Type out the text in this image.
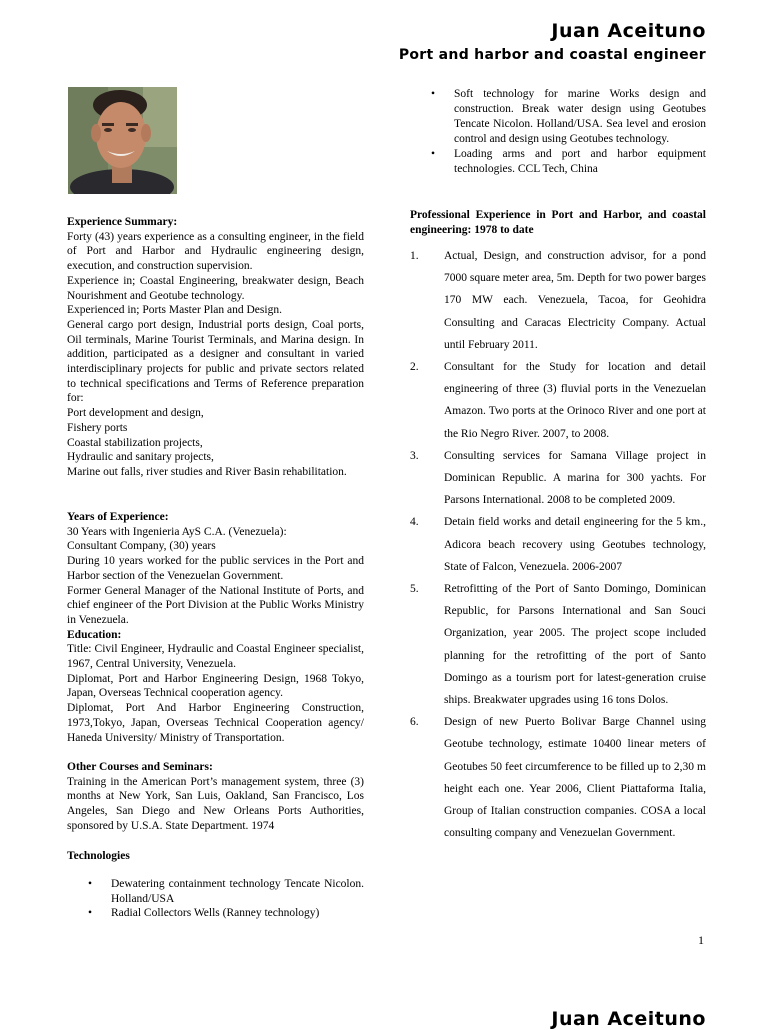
Juan Aceituno
Port and harbor and coastal engineer
Experience Summary:

Forty (43) years experience as a consulting engineer, in the field of Port and Harbor and Hydraulic engineering design, execution, and construction supervision.

Experience in; Coastal Engineering, breakwater design, Beach Nourishment and Geotube technology.

Experienced in; Ports Master Plan and Design.

General cargo port design, Industrial ports design, Coal ports, Oil terminals, Marine Tourist Terminals, and Marina design. In addition, participated as a designer and consultant in varied interdisciplinary projects for public and private sectors related to technical specifications and Terms of Reference preparation for:

Port development and design,

Fishery ports

Coastal stabilization projects,

Hydraulic and sanitary projects,

Marine out falls, river studies and River Basin rehabilitation.

Years of Experience:

30 Years with Ingenieria AyS C.A. (Venezuela):

Consultant Company, (30) years

During 10 years worked for the public services in the Port and Harbor section of the Venezuelan Government.

Former General Manager of the National Institute of Ports, and chief engineer of the Port Division at the Public Works Ministry in Venezuela.

Education:

Title: Civil Engineer, Hydraulic and Coastal Engineer specialist, 1967, Central University, Venezuela.

Diplomat, Port and Harbor Engineering Design, 1968 Tokyo, Japan, Overseas Technical cooperation agency.

Diplomat, Port And Harbor Engineering Construction, 1973,Tokyo, Japan, Overseas Technical Cooperation agency/ Haneda University/ Ministry of Transportation.

Other Courses and Seminars:

Training in the American Port’s management system, three (3) months at New York, San Luis, Oakland, San Francisco, Los Angeles, San Diego and New Orleans Ports Authorities, sponsored by U.S.A. State Department. 1974

Technologies
• Dewatering containment technology Tencate Nicolon. Holland/USA
• Radial Collectors Wells (Ranney technology)
• Soft technology for marine Works design and construction. Break water design using Geotubes Tencate Nicolon. Holland/USA. Sea level and erosion control and design using Geotubes technology.
• Loading arms and port and harbor equipment technologies. CCL Tech, China
Professional Experience in Port and Harbor, and coastal engineering: 1978 to date
1. Actual, Design, and construction advisor, for a pond 7000 square meter area, 5m. Depth for two power barges 170 MW each. Venezuela, Tacoa, for Geohidra Consulting and Caracas Electricity Company. Actual until February 2011.
2. Consultant for the Study for location and detail engineering of three (3) fluvial ports in the Venezuelan Amazon. Two ports at the Orinoco River and one port at the Rio Negro River. 2007, to 2008.
3. Consulting services for Samana Village project in Dominican Republic. A marina for 300 yachts. For Parsons International. 2008 to be completed 2009.
4. Detain field works and detail engineering for the 5 km., Adicora beach recovery using Geotubes technology, State of Falcon, Venezuela. 2006-2007
5. Retrofitting of the Port of Santo Domingo, Dominican Republic, for Parsons International and San Souci Organization, year 2005. The project scope included planning for the retrofitting of the port of Santo Domingo as a tourism port for latest-generation cruise ships. Breakwater upgrades using 16 tons Dolos.
6. Design of new Puerto Bolivar Barge Channel using Geotube technology, estimate 10400 linear meters of Geotubes 50 feet circumference to be filled up to 2,30 m height each one. Year 2006, Client Piattaforma Italia, Group of Italian construction companies. COSA a local consulting company and Venezuelan Government.
1
Juan Aceituno
